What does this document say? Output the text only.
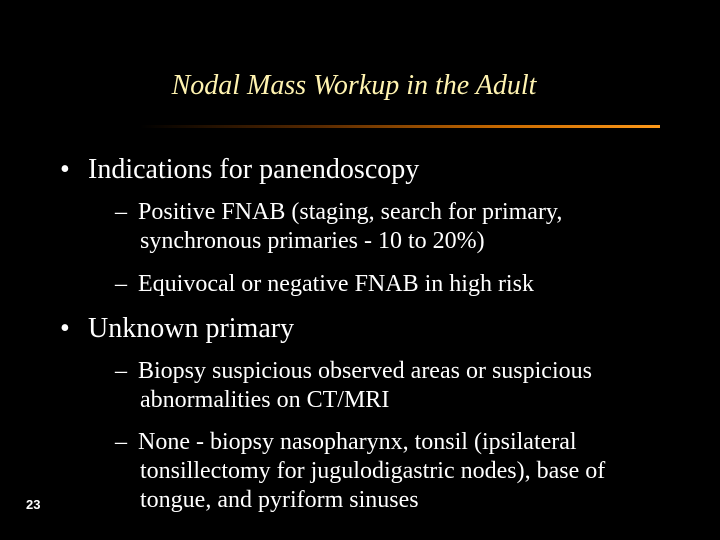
Nodal Mass Workup in the Adult
• Indications for panendoscopy
– Positive FNAB (staging, search for primary,
synchronous primaries - 10 to 20%)
– Equivocal or negative FNAB in high risk
• Unknown primary
– Biopsy suspicious observed areas or suspicious
abnormalities on CT/MRI
– None - biopsy nasopharynx, tonsil (ipsilateral
tonsillectomy for jugulodigastric nodes), base of
tongue, and pyriform sinuses
23
